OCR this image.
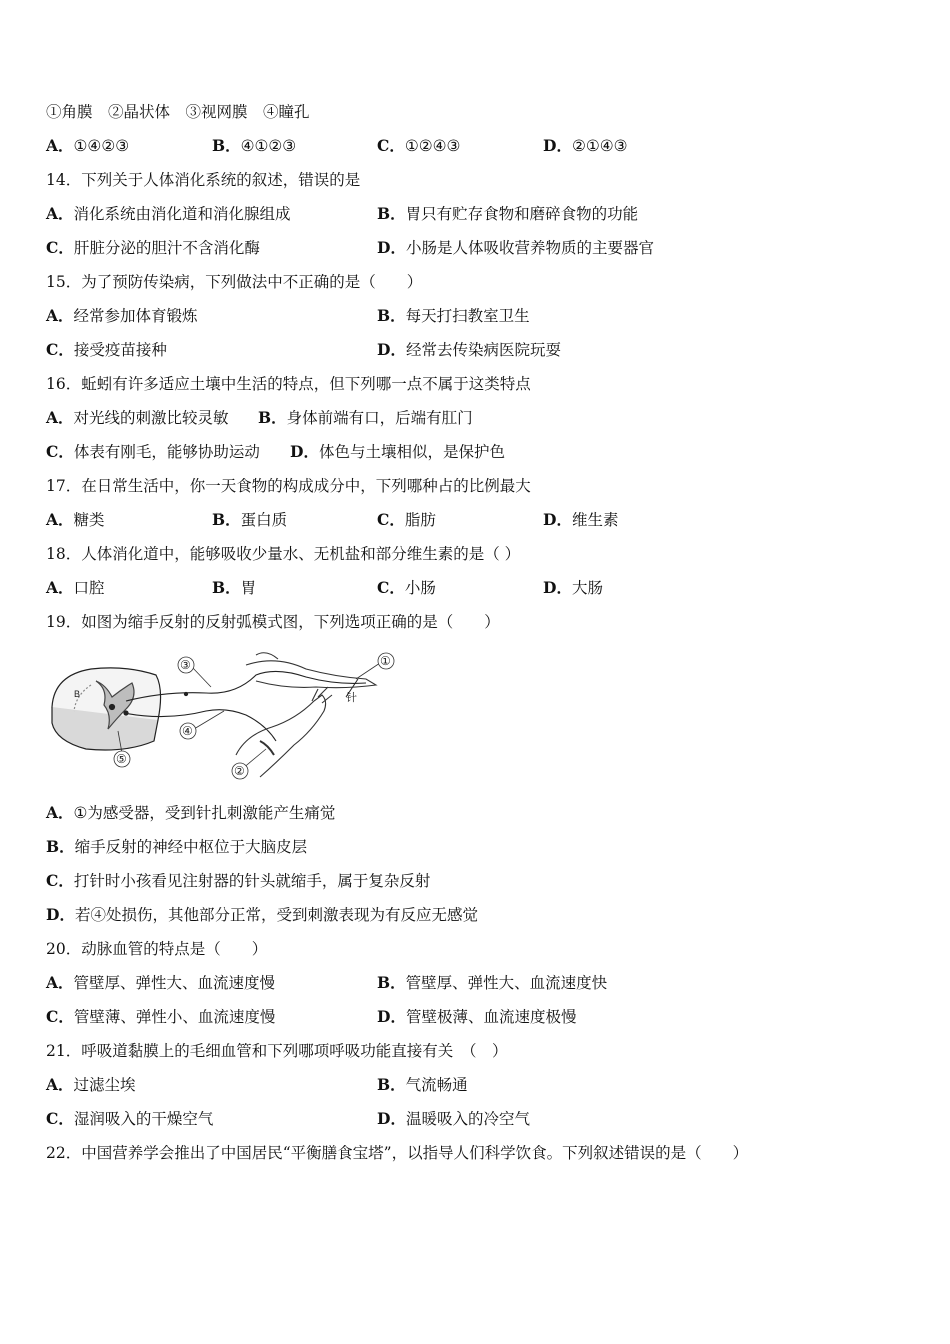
①角膜　②晶状体　③视网膜　④瞳孔
A．①④②③	B．④①②③	C．①②④③	D．②①④③
14．下列关于人体消化系统的叙述，错误的是
A．消化系统由消化道和消化腺组成	B．胃只有贮存食物和磨碎食物的功能
C．肝脏分泌的胆汁不含消化酶	D．小肠是人体吸收营养物质的主要器官
15．为了预防传染病，下列做法中不正确的是（　　）
A．经常参加体育锻炼	B．每天打扫教室卫生
C．接受疫苗接种	D．经常去传染病医院玩耍
16．蚯蚓有许多适应土壤中生活的特点，但下列哪一点不属于这类特点
A．对光线的刺激比较灵敏 B．身体前端有口，后端有肛门
C．体表有刚毛，能够协助运动 D．体色与土壤相似，是保护色
17．在日常生活中，你一天食物的构成成分中，下列哪种占的比例最大
A．糖类	B．蛋白质	C．脂肪	D．维生素
18．人体消化道中，能够吸收少量水、无机盐和部分维生素的是（ ）
A．口腔	B．胃	C．小肠	D．大肠
19．如图为缩手反射的反射弧模式图，下列选项正确的是（　　）
B	针
①
②
③
④
⑤
A．①为感受器，受到针扎刺激能产生痛觉
B．缩手反射的神经中枢位于大脑皮层
C．打针时小孩看见注射器的针头就缩手，属于复杂反射
D．若④处损伤，其他部分正常，受到刺激表现为有反应无感觉
20．动脉血管的特点是（　　）
A．管壁厚、弹性大、血流速度慢	B．管壁厚、弹性大、血流速度快
C．管壁薄、弹性小、血流速度慢	D．管壁极薄、血流速度极慢
21．呼吸道黏膜上的毛细血管和下列哪项呼吸功能直接有关　（　）
A．过滤尘埃	B．气流畅通
C．湿润吸入的干燥空气	D．温暖吸入的冷空气
22．中国营养学会推出了中国居民“平衡膳食宝塔”，以指导人们科学饮食。下列叙述错误的是（　　）
